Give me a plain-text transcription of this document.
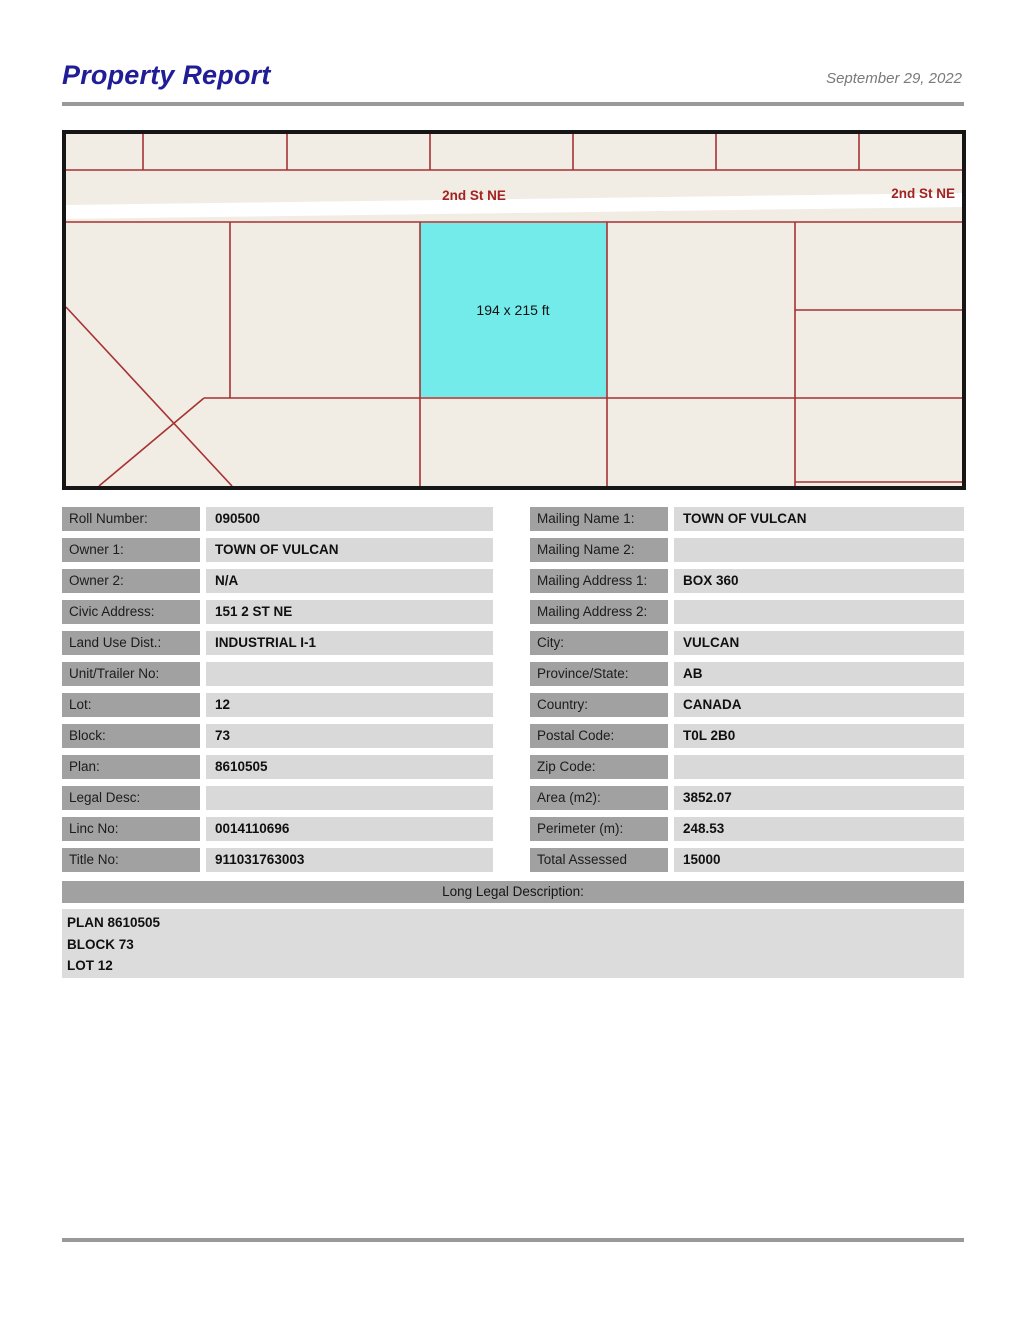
Property Report	September 29, 2022
2nd St NE	2nd St NE
194 x 215 ft
Roll Number:	090500
Owner 1:	TOWN OF VULCAN
Owner 2:	N/A
Civic Address:	151 2 ST NE
Land Use Dist.:	INDUSTRIAL I-1
Unit/Trailer No:
Lot:	12
Block:	73
Plan:	8610505
Legal Desc:
Linc No:	0014110696
Title No:	911031763003
Mailing Name 1:	TOWN OF VULCAN
Mailing Name 2:
Mailing Address 1:	BOX 360
Mailing Address 2:
City:	VULCAN
Province/State:	AB
Country:	CANADA
Postal Code:	T0L 2B0
Zip Code:
Area (m2):	3852.07
Perimeter (m):	248.53
Total Assessed	15000
Long Legal Description:
PLAN 8610505
BLOCK 73
LOT 12
